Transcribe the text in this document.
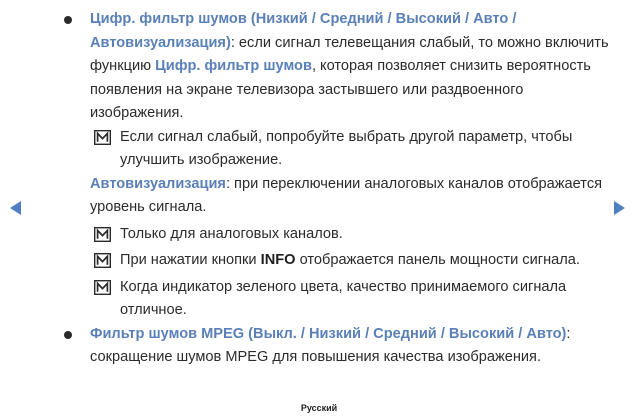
Цифр. фильтр шумов (Низкий / Средний / Высокий / Авто / Автовизуализация): если сигнал телевещания слабый, то можно включить функцию Цифр. фильтр шумов, которая позволяет снизить вероятность появления на экране телевизора застывшего или раздвоенного изображения.
Если сигнал слабый, попробуйте выбрать другой параметр, чтобы улучшить изображение.
Автовизуализация: при переключении аналоговых каналов отображается уровень сигнала.
Только для аналоговых каналов.
При нажатии кнопки INFO отображается панель мощности сигнала.
Когда индикатор зеленого цвета, качество принимаемого сигнала отличное.
Фильтр шумов MPEG (Выкл. / Низкий / Средний / Высокий / Авто): сокращение шумов MPEG для повышения качества изображения.
Русский
